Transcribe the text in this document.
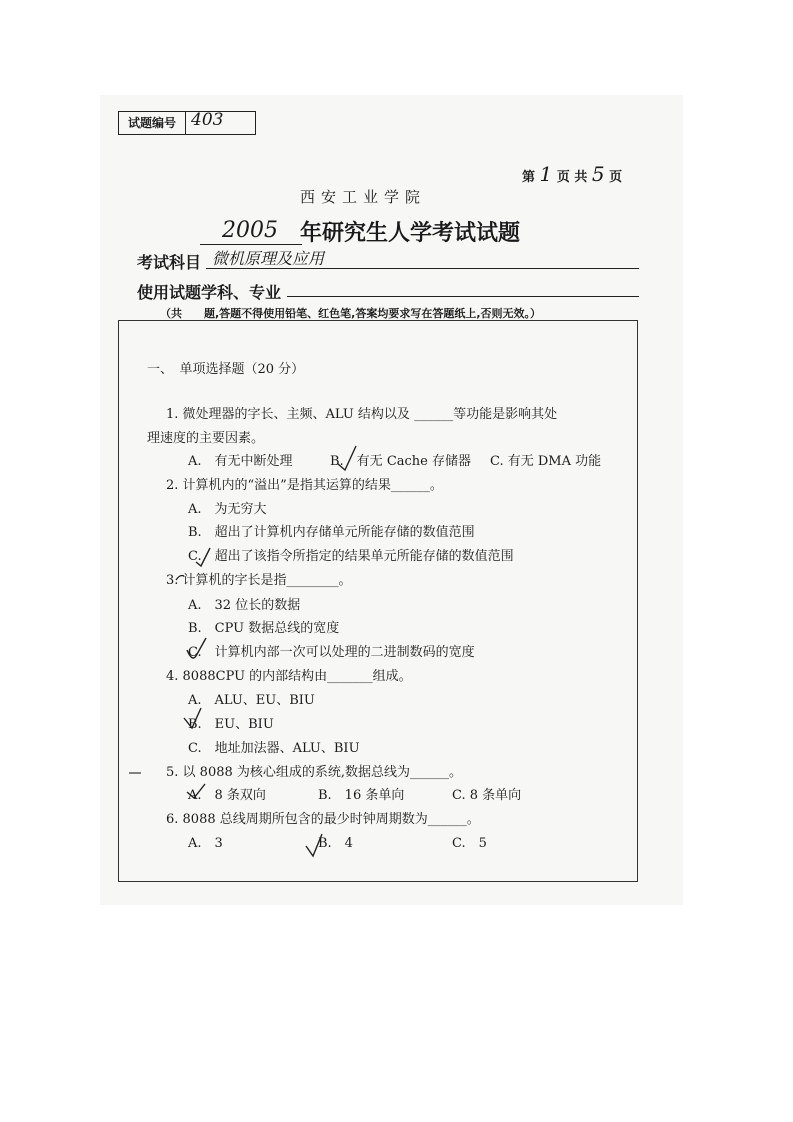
试题编号 403
第 1 页 共 5 页
西安工业学院
2005 年研究生人学考试试题
考试科目 微机原理及应用
使用试题学科、专业
（共　　题,答题不得使用铅笔、红色笔,答案均要求写在答题纸上,否则无效。）
一、　单项选择题（20 分）
1. 微处理器的字长、主频、ALU 结构以及 ______等功能是影响其处
理速度的主要因素。
A.　有无中断处理	B.　有无 Cache 存储器 C. 有无 DMA 功能
2. 计算机内的“溢出”是指其运算的结果______。
A.　为无穷大
B.　超出了计算机内存储单元所能存储的数值范围
C.　超出了该指令所指定的结果单元所能存储的数值范围
3. 计算机的字长是指________。
A.　32 位长的数据
B.　CPU 数据总线的宽度
C.　计算机内部一次可以处理的二进制数码的宽度
4. 8088CPU 的内部结构由_______组成。
A.　ALU、EU、BIU
B.　EU、BIU
C.　地址加法器、ALU、BIU
5. 以 8088 为核心组成的系统,数据总线为______。
A.　8 条双向	B.　16 条单向	C. 8 条单向
6. 8088 总线周期所包含的最少时钟周期数为______。
A.　3	B.　4	C.　5
